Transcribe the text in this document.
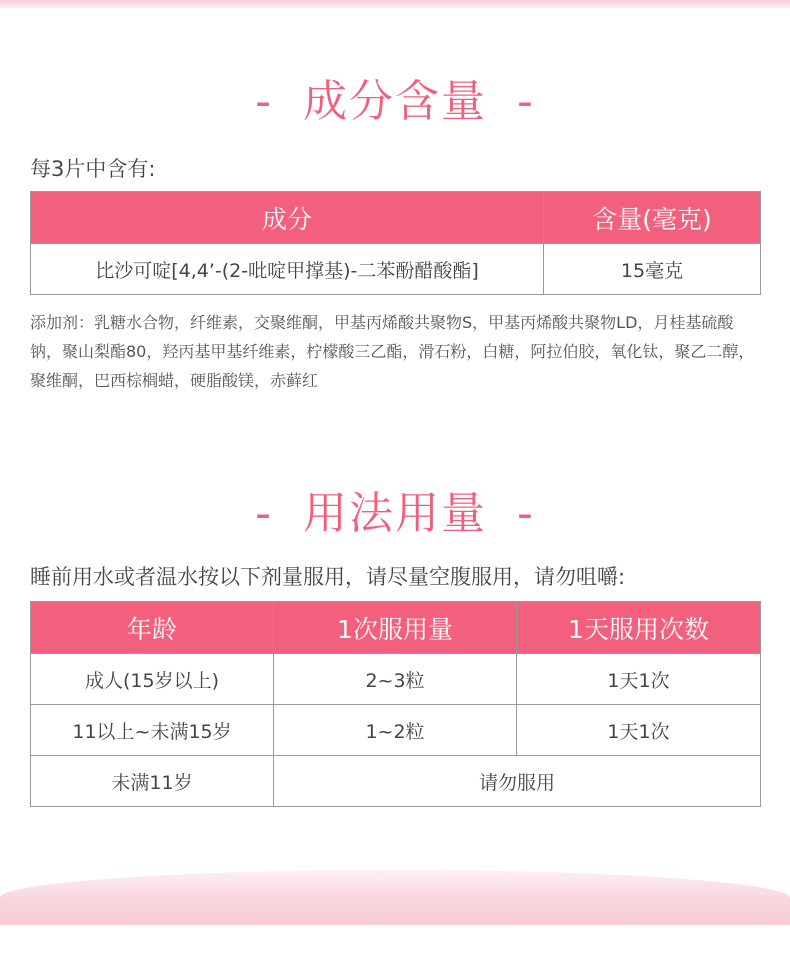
- 成分含量 -
每3片中含有:
成分	含量(毫克)
比沙可啶[4,4’-(2-吡啶甲撑基)-二苯酚醋酸酯]	15毫克
添加剂：乳糖水合物，纤维素，交聚维酮，甲基丙烯酸共聚物S，甲基丙烯酸共聚物LD，月桂基硫酸钠，聚山梨酯80，羟丙基甲基纤维素，柠檬酸三乙酯，滑石粉，白糖，阿拉伯胶，氧化钛，聚乙二醇，聚维酮，巴西棕榈蜡，硬脂酸镁，赤藓红
- 用法用量 -
睡前用水或者温水按以下剂量服用，请尽量空腹服用，请勿咀嚼:
年龄	1次服用量	1天服用次数
成人(15岁以上)	2~3粒	1天1次
11以上~未满15岁	1~2粒	1天1次
未满11岁	请勿服用	
